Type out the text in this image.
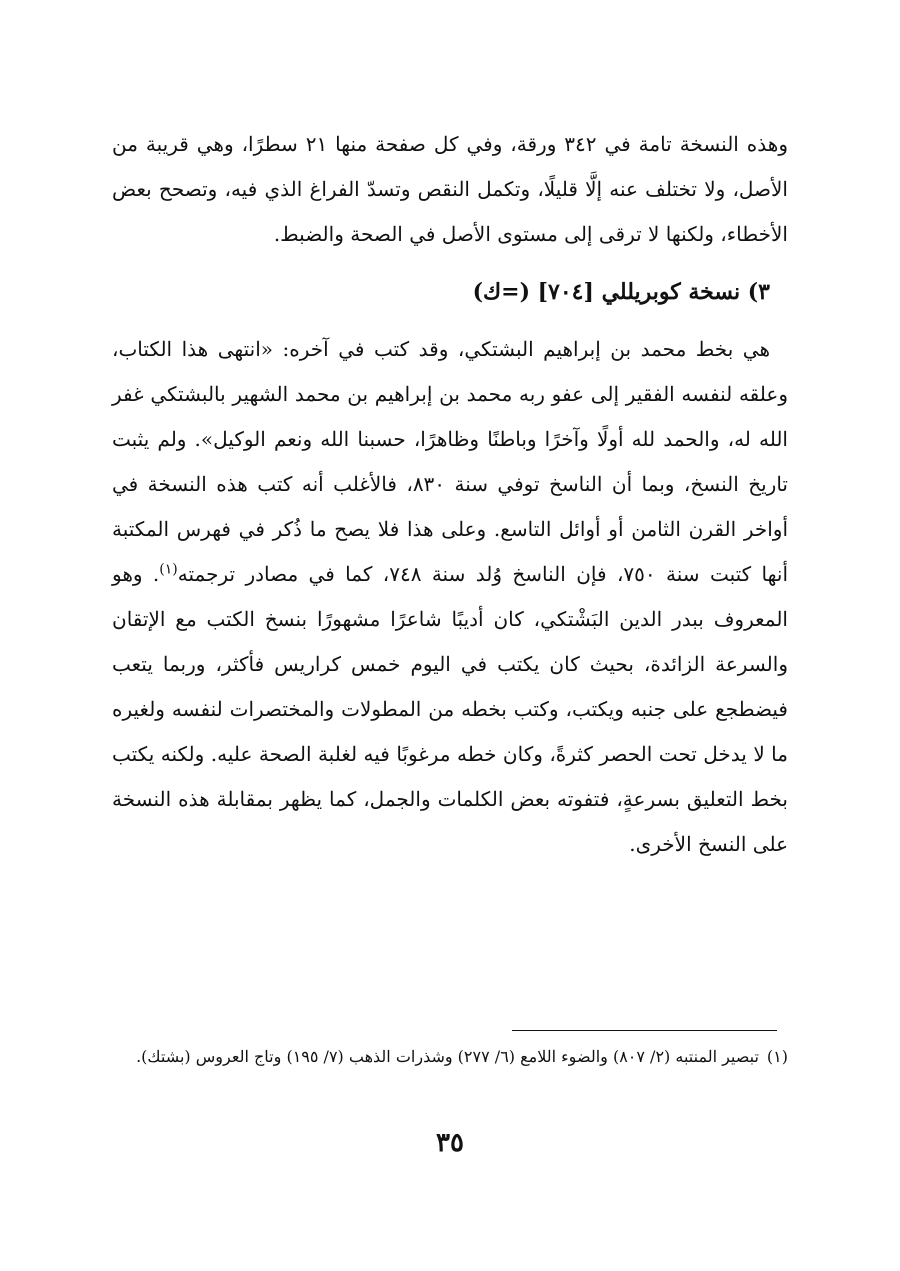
وهذه النسخة تامة في ٣٤٢ ورقة، وفي كل صفحة منها ٢١ سطرًا، وهي قريبة من الأصل، ولا تختلف عنه إلَّا قليلًا، وتكمل النقص وتسدّ الفراغ الذي فيه، وتصحح بعض الأخطاء، ولكنها لا ترقى إلى مستوى الأصل في الصحة والضبط.

٣) نسخة كوبريللي [٧٠٤] (=ك)

هي بخط محمد بن إبراهيم البشتكي، وقد كتب في آخره: «انتهى هذا الكتاب، وعلقه لنفسه الفقير إلى عفو ربه محمد بن إبراهيم بن محمد الشهير بالبشتكي غفر الله له، والحمد لله أولًا وآخرًا وباطنًا وظاهرًا، حسبنا الله ونعم الوكيل». ولم يثبت تاريخ النسخ، وبما أن الناسخ توفي سنة ٨٣٠، فالأغلب أنه كتب هذه النسخة في أواخر القرن الثامن أو أوائل التاسع. وعلى هذا فلا يصح ما ذُكر في فهرس المكتبة أنها كتبت سنة ٧٥٠، فإن الناسخ وُلد سنة ٧٤٨، كما في مصادر ترجمته$^{(١)}$. وهو المعروف ببدر الدين البَشْتكي، كان أديبًا شاعرًا مشهورًا بنسخ الكتب مع الإتقان والسرعة الزائدة، بحيث كان يكتب في اليوم خمس كراريس فأكثر، وربما يتعب فيضطجع على جنبه ويكتب، وكتب بخطه من المطولات والمختصرات لنفسه ولغيره ما لا يدخل تحت الحصر كثرةً، وكان خطه مرغوبًا فيه لغلبة الصحة عليه. ولكنه يكتب بخط التعليق بسرعةٍ، فتفوته بعض الكلمات والجمل، كما يظهر بمقابلة هذه النسخة على النسخ الأخرى.

(١)تبصير المنتبه (٢/ ٨٠٧) والضوء اللامع (٦/ ٢٧٧) وشذرات الذهب (٧/ ١٩٥) وتاج العروس (بشتك).

٣٥
